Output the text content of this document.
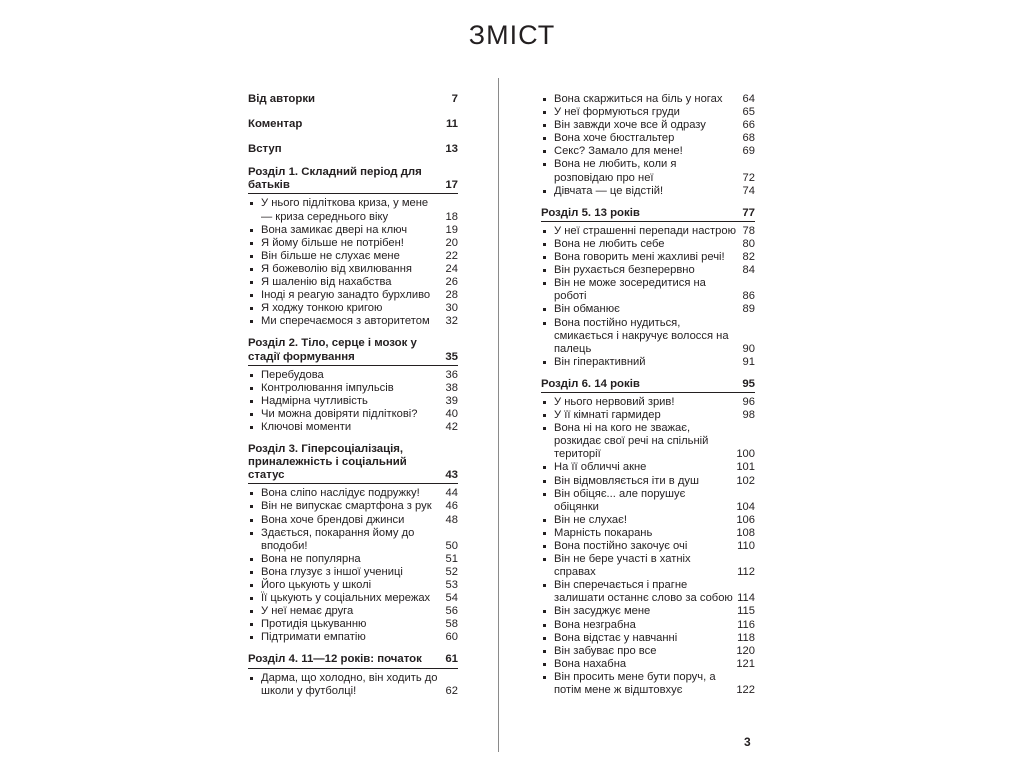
ЗМІСТ
Від авторки	7
Коментар	11
Вступ	13
Розділ 1. Складний період для батьків	17
У нього підліткова криза, у мене — криза середнього віку	18
Вона замикає двері на ключ	19
Я йому більше не потрібен!	20
Він більше не слухає мене	22
Я божеволію від хвилювання	24
Я шаленію від нахабства	26
Іноді я реагую занадто бурхливо	28
Я ходжу тонкою кригою	30
Ми сперечаємося з авторитетом	32
Розділ 2. Тіло, серце і мозок у стадії формування	35
Перебудова	36
Контролювання імпульсів	38
Надмірна чутливість	39
Чи можна довіряти підліткові?	40
Ключові моменти	42
Розділ 3. Гіперсоціалізація, приналежність і соціальний статус	43
Вона сліпо наслідує подружку!	44
Він не випускає смартфона з рук	46
Вона хоче брендові джинси	48
Здається, покарання йому до вподоби!	50
Вона не популярна	51
Вона глузує з іншої учениці	52
Його цькують у школі	53
Її цькують у соціальних мережах	54
У неї немає друга	56
Протидія цькуванню	58
Підтримати емпатію	60
Розділ 4. 11—12 років: початок	61
Дарма, що холодно, він ходить до школи у футболці!	62
Вона скаржиться на біль у ногах	64
У неї формуються груди	65
Він завжди хоче все й одразу	66
Вона хоче бюстгальтер	68
Секс? Замало для мене!	69
Вона не любить, коли я розповідаю про неї	72
Дівчата — це відстій!	74
Розділ 5. 13 років	77
У неї страшенні перепади настрою 78
Вона не любить себе	80
Вона говорить мені жахливі речі!	82
Він рухається безперервно	84
Він не може зосередитися на роботі	86
Він обманює	89
Вона постійно нудиться, смикається і накручує волосся на палець	90
Він гіперактивний	91
Розділ 6. 14 років	95
У нього нервовий зрив!	96
У її кімнаті гармидер	98
Вона ні на кого не зважає, розкидає свої речі на спільній території	100
На її обличчі акне	101
Він відмовляється іти в душ	102
Він обіцяє... але порушує обіцянки	104
Він не слухає!	106
Марність покарань	108
Вона постійно закочує очі	110
Він не бере участі в хатніх справах	112
Він сперечається і прагне залишати останнє слово за собою 114
Він засуджує мене	115
Вона незграбна	116
Вона відстає у навчанні	118
Він забуває про все	120
Вона нахабна	121
Він просить мене бути поруч, а потім мене ж відштовхує	122
3
